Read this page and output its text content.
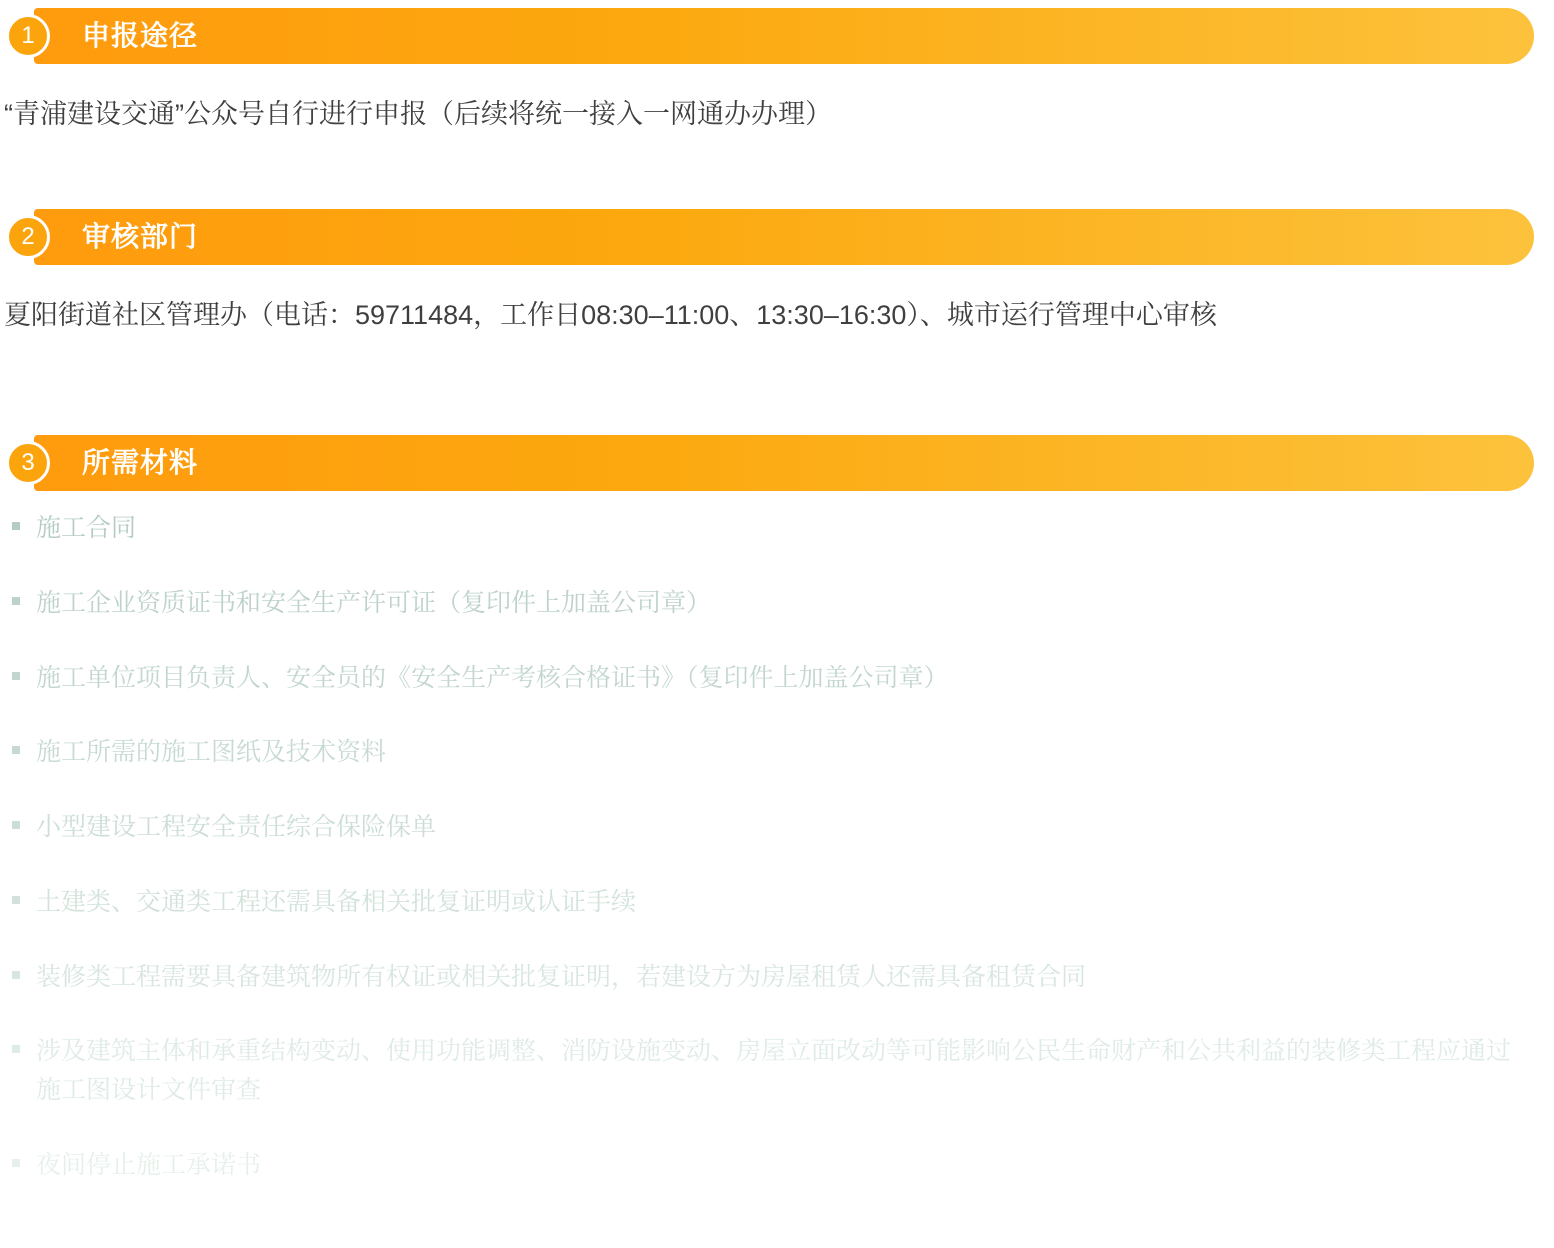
1	申报途径
“青浦建设交通”公众号自行进行申报（后续将统一接入一网通办办理）
2	审核部门
夏阳街道社区管理办（电话：59711484，工作日08:30–11:00、13:30–16:30）、城市运行管理中心审核
3	所需材料
施工合同
施工企业资质证书和安全生产许可证（复印件上加盖公司章）
施工单位项目负责人、安全员的《安全生产考核合格证书》（复印件上加盖公司章）
施工所需的施工图纸及技术资料
小型建设工程安全责任综合保险保单
土建类、交通类工程还需具备相关批复证明或认证手续
装修类工程需要具备建筑物所有权证或相关批复证明，若建设方为房屋租赁人还需具备租赁合同
涉及建筑主体和承重结构变动、使用功能调整、消防设施变动、房屋立面改动等可能影响公民生命财产和公共利益的装修类工程应通过施工图设计文件审查
夜间停止施工承诺书
